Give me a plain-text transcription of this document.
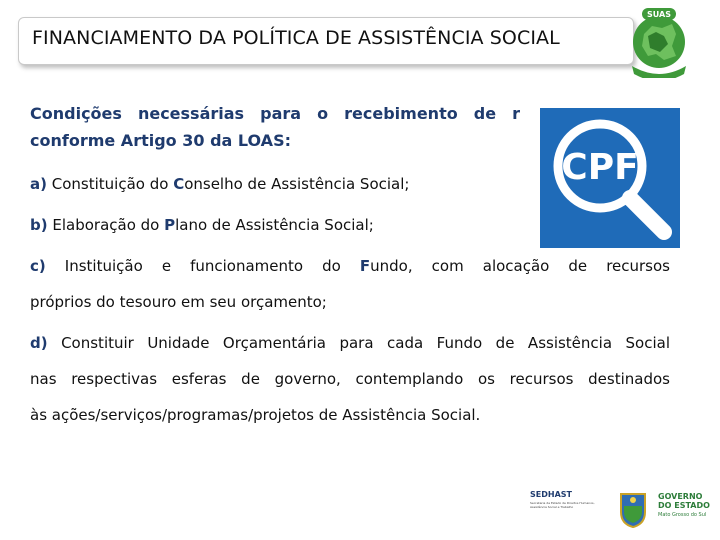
FINANCIAMENTO DA POLÍTICA DE ASSISTÊNCIA SOCIAL
SUAS

Condições necessárias para o recebimento de r
conforme Artigo 30 da LOAS:

a) Constituição do Conselho de Assistência Social;

b) Elaboração do Plano de Assistência Social;

c) Instituição e funcionamento do Fundo, com alocação de recursos

próprios do tesouro em seu orçamento;

d) Constituir Unidade Orçamentária para cada Fundo de Assistência Social

nas respectivas esferas de governo, contemplando os recursos destinados

às ações/serviços/programas/projetos de Assistência Social.

CPF
SEDHAST
Secretaria de Estado de Direitos Humanos, Assistência Social e Trabalho
GOVERNO
DO ESTADO
Mato Grosso do Sul
